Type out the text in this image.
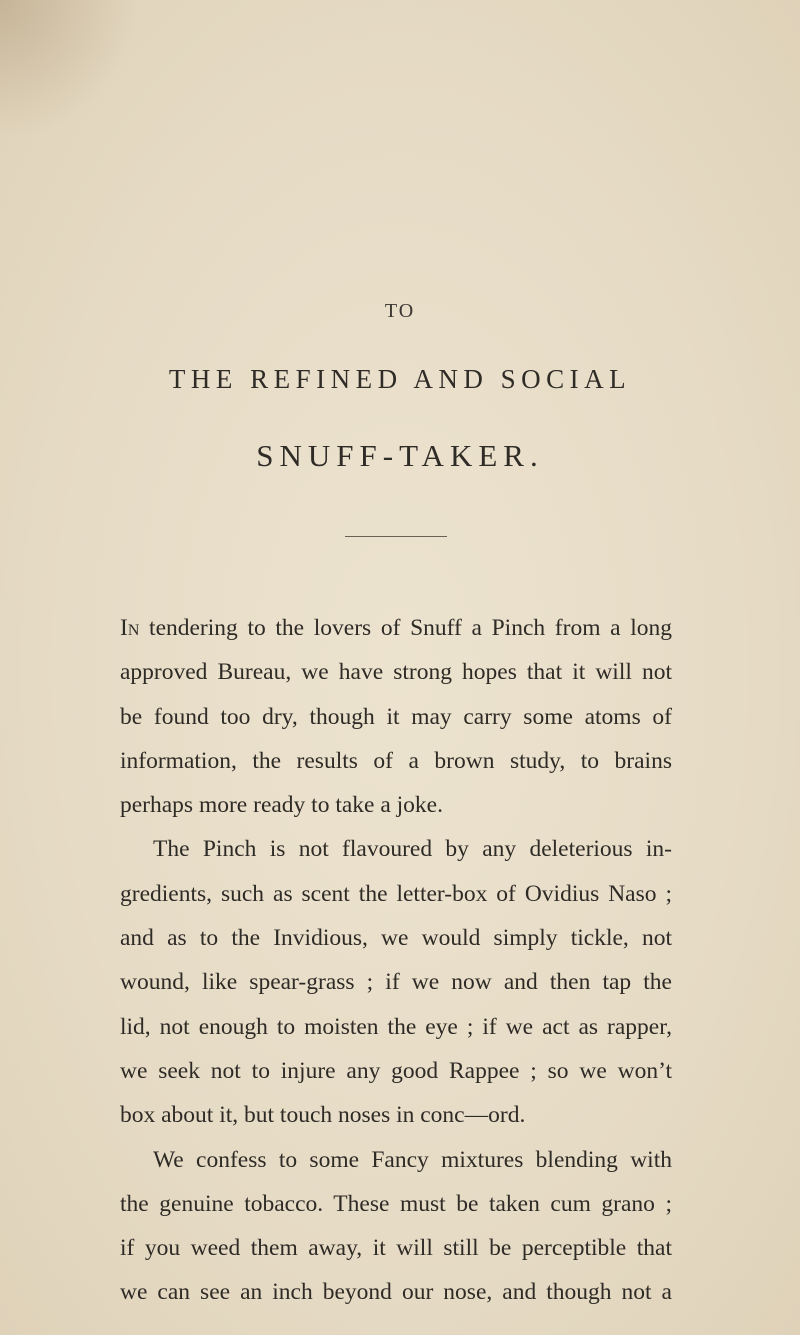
TO
THE REFINED AND SOCIAL
SNUFF-TAKER.
In tendering to the lovers of Snuff a Pinch from a long
approved Bureau, we have strong hopes that it will not
be found too dry, though it may carry some atoms of
information, the results of a brown study, to brains
perhaps more ready to take a joke.
The Pinch is not flavoured by any deleterious in-
gredients, such as scent the letter-box of Ovidius Naso ;
and as to the Invidious, we would simply tickle, not
wound, like spear-grass ; if we now and then tap the
lid, not enough to moisten the eye ; if we act as rapper,
we seek not to injure any good Rappee ; so we won’t
box about it, but touch noses in conc—ord.
We confess to some Fancy mixtures blending with
the genuine tobacco. These must be taken cum grano ;
if you weed them away, it will still be perceptible that
we can see an inch beyond our nose, and though not a
